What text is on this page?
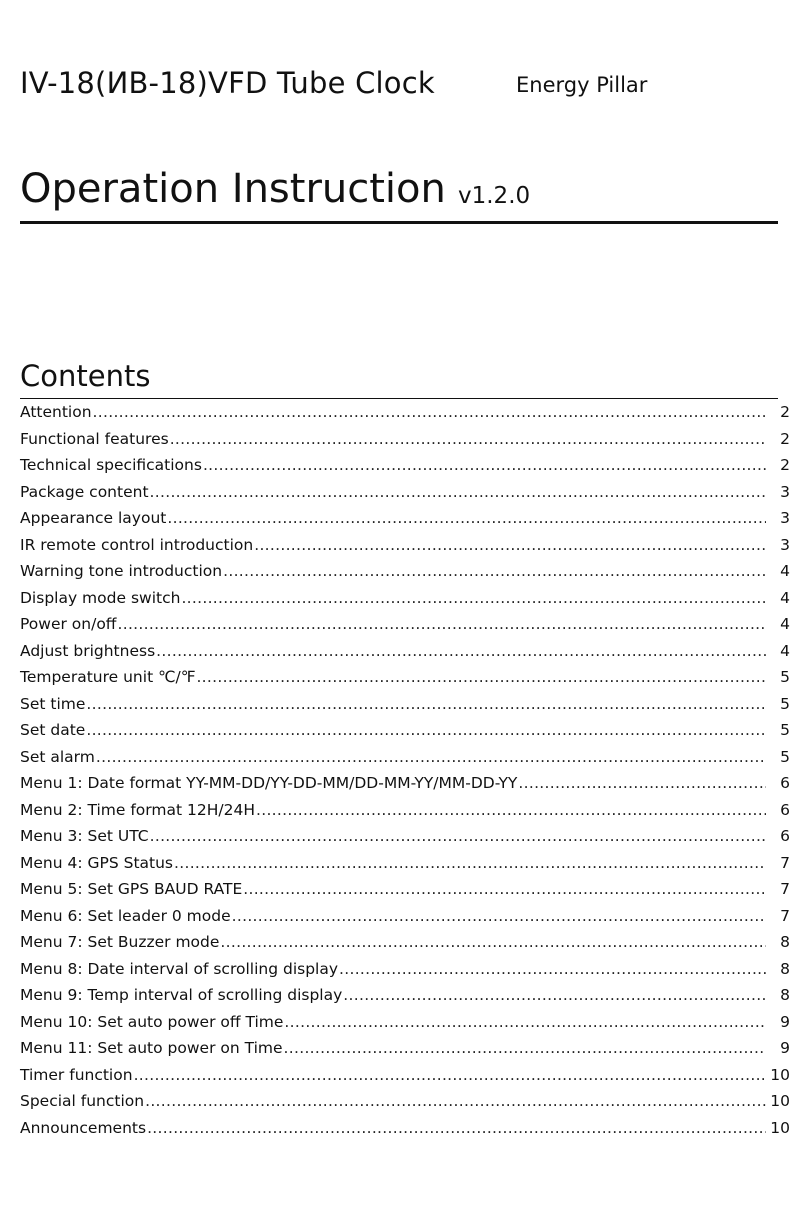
IV-18(ИВ-18)VFD Tube Clock	Energy Pillar
Operation Instruction v1.2.0
Contents
Attention .....	2
Functional features .....	2
Technical specifications .....	2
Package content .....	3
Appearance layout .....	3
IR remote control introduction .....	3
Warning tone introduction .....	4
Display mode switch .....	4
Power on/off .....	4
Adjust brightness .....	4
Temperature unit ℃/℉ .....	5
Set time .....	5
Set date .....	5
Set alarm .....	5
Menu 1: Date format YY-MM-DD/YY-DD-MM/DD-MM-YY/MM-DD-YY .....	6
Menu 2: Time format 12H/24H .....	6
Menu 3: Set UTC .....	6
Menu 4: GPS Status .....	7
Menu 5: Set GPS BAUD RATE .....	7
Menu 6: Set leader 0 mode .....	7
Menu 7: Set Buzzer mode .....	8
Menu 8: Date interval of scrolling display .....	8
Menu 9: Temp interval of scrolling display .....	8
Menu 10: Set auto power off Time .....	9
Menu 11: Set auto power on Time .....	9
Timer function .....	10
Special function .....	10
Announcements .....	10
